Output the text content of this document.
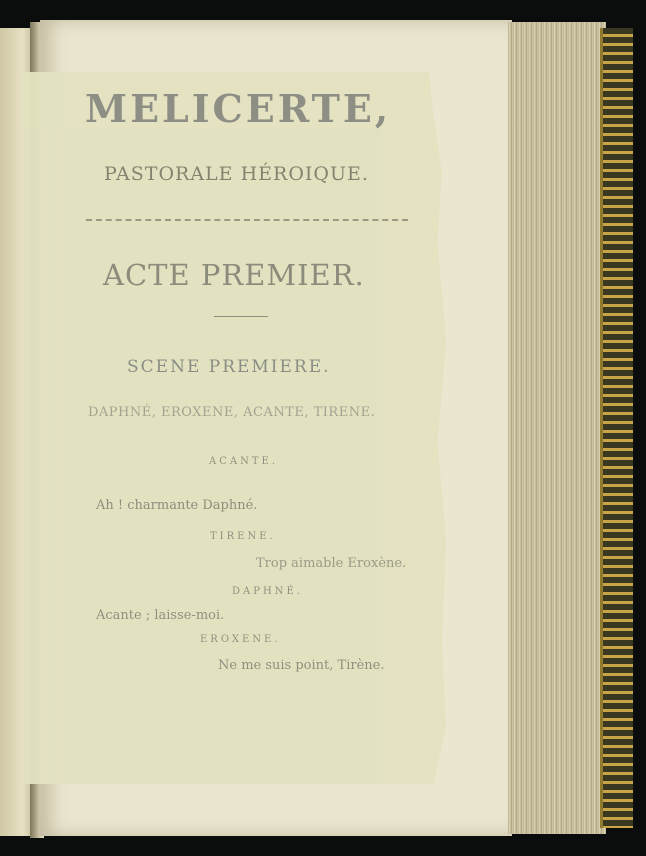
MELICERTE,
PASTORALE HÉROIQUE.
ACTE PREMIER.
SCENE PREMIERE.
DAPHNÉ, EROXENE, ACANTE, TIRENE.
ACANTE.
Ah ! charmante Daphné.
TIRENE.
Trop aimable Eroxène.
DAPHNÉ.
Acante ; laisse-moi.
EROXENE.
Ne me suis point, Tirène.
